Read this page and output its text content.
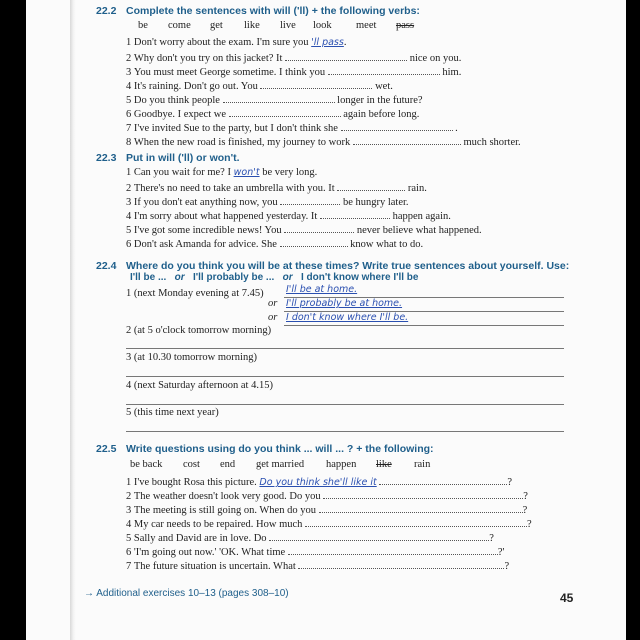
22.2 Complete the sentences with will ('ll) + the following verbs:
be come get like live look meet pass
1 Don't worry about the exam. I'm sure you 'll pass.
2 Why don't you try on this jacket? It	nice on you.
3 You must meet George sometime. I think you	him.
4 It's raining. Don't go out. You	wet.
5 Do you think people	longer in the future?
6 Goodbye. I expect we	again before long.
7 I've invited Sue to the party, but I don't think she	.
8 When the new road is finished, my journey to work	much shorter.
22.3 Put in will ('ll) or won't.
1 Can you wait for me? I won't be very long.
2 There's no need to take an umbrella with you. It	rain.
3 If you don't eat anything now, you	be hungry later.
4 I'm sorry about what happened yesterday. It	happen again.
5 I've got some incredible news! You	never believe what happened.
6 Don't ask Amanda for advice. She	know what to do.
22.4 Where do you think you will be at these times? Write true sentences about yourself. Use:
I'll be ... or I'll probably be ... or I don't know where I'll be
1 (next Monday evening at 7.45) I'll be at home.
or I'll probably be at home.
or I don't know where I'll be.
2 (at 5 o'clock tomorrow morning)
3 (at 10.30 tomorrow morning)
4 (next Saturday afternoon at 4.15)
5 (this time next year)
22.5 Write questions using do you think ... will ... ? + the following:
be back cost end get married happen like rain
1 I've bought Rosa this picture. Do you think she'll like it	?
2 The weather doesn't look very good. Do you	?
3 The meeting is still going on. When do you	?
4 My car needs to be repaired. How much	?
5 Sally and David are in love. Do	?
6 'I'm going out now.' 'OK. What time	?'
7 The future situation is uncertain. What	?
→ Additional exercises 10–13 (pages 308–10)	45
